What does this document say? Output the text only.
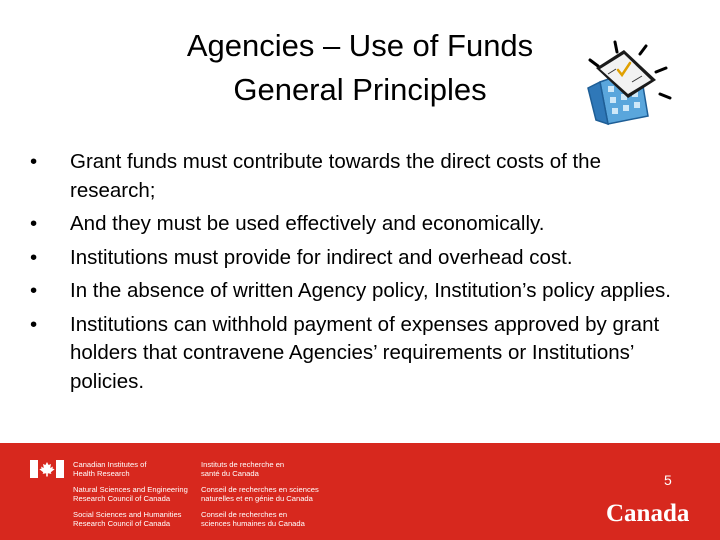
Agencies – Use of Funds
General Principles
• Grant funds must contribute towards the direct costs of the research;
• And they must be used effectively and economically.
• Institutions must provide for indirect and overhead cost.
• In the absence of written Agency policy, Institution’s policy applies.
• Institutions can withhold payment of expenses approved by grant holders that contravene Agencies’ requirements or Institutions’ policies.
Canadian Institutes of
Health Research
Natural Sciences and Engineering
Research Council of Canada
Social Sciences and Humanities
Research Council of Canada
Instituts de recherche en
santé du Canada
Conseil de recherches en sciences
naturelles et en génie du Canada
Conseil de recherches en
sciences humaines du Canada
5
Canada
